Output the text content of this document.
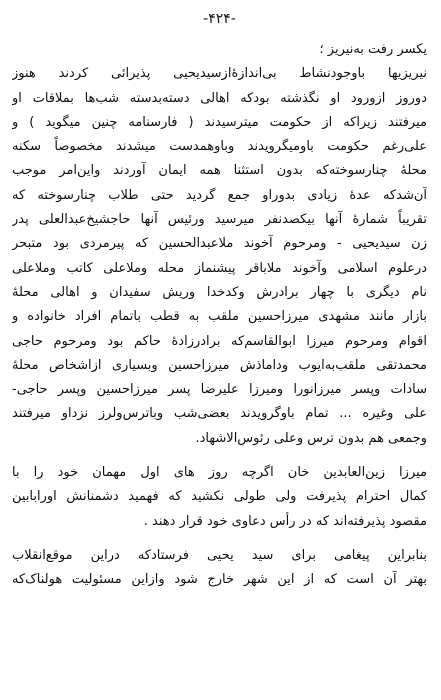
-۴۲۴-
یکسر رفت به‌نیریز ؛
نیریزیها باوجودنشاط بی‌اندازهٔ‌ازسیدیحیی پذیرائی کردند هنوز
دوروز ازورود او نگذشته بودکه اهالی دسته‌بدسته شب‌ها بملاقات او
میرفتند زیراکه از حکومت میترسیدند ( فارسنامه چنین میگوید ) و
علی‌رغم حکومت باومیگرویدند وباوهمدست میشدند مخصوصاً سکنه
محلهٔ چنارسوخته‌که بدون استثنا همه ایمان آوردند واین‌امر موجب
آن‌شدکه عدهٔ زیادی بدوراو جمع گردید حتی طلاب چنارسوخته که
تقریباً شمارهٔ آنها بیکصدنفر میرسید ورئیس آنها حاجشیخ‌عبدالعلی پدر
زن سیدیحیی - ومرحوم آخوند ملاعبدالحسین که پیرمردی بود متبحر
درعلوم اسلامی وآخوند ملاباقر پیشنماز محله وملاعلی کاتب وملاعلی
نام دیگری با چهار برادرش وکدخدا وریش سفیدان و اهالی محلهٔ
بازار مانند مشهدی میرزاحسین ملقب به قطب باتمام افراد خانواده و
اقوام ومرحوم میرزا ابوالقاسم‌که برادرزادهٔ حاکم بود ومرحوم حاجی
محمدتقی ملقب‌به‌ایوب وداماذش میرزاحسین وبسیاری ازاشخاص محلهٔ
سادات وپسر میرزانورا ومیرزا علیرضا پسر میرزاحسین وپسر حاجی-
علی وغیره ... تمام باوگرویدند بعضی‌شب وبا‌ترس‌ولرز نزداو میرفتند
وجمعی هم بدون ترس وعلی رئوس‌الاشهاد.
میرزا زین‌العابدین خان اگرچه روز های اول مهمان خود را با
کمال احترام پذیرفت ولی طولی نکشید که فهمید دشمنانش اورابابین
مقصود پذیرفته‌اند که در رأس دعاوی خود قرار دهند .
بنابراین پیغامی برای سید یحیی فرستادکه دراین موقع‌انقلاب
بهتر آن است که از این شهر خارج شود وازاین مسئولیت هولناک‌که
